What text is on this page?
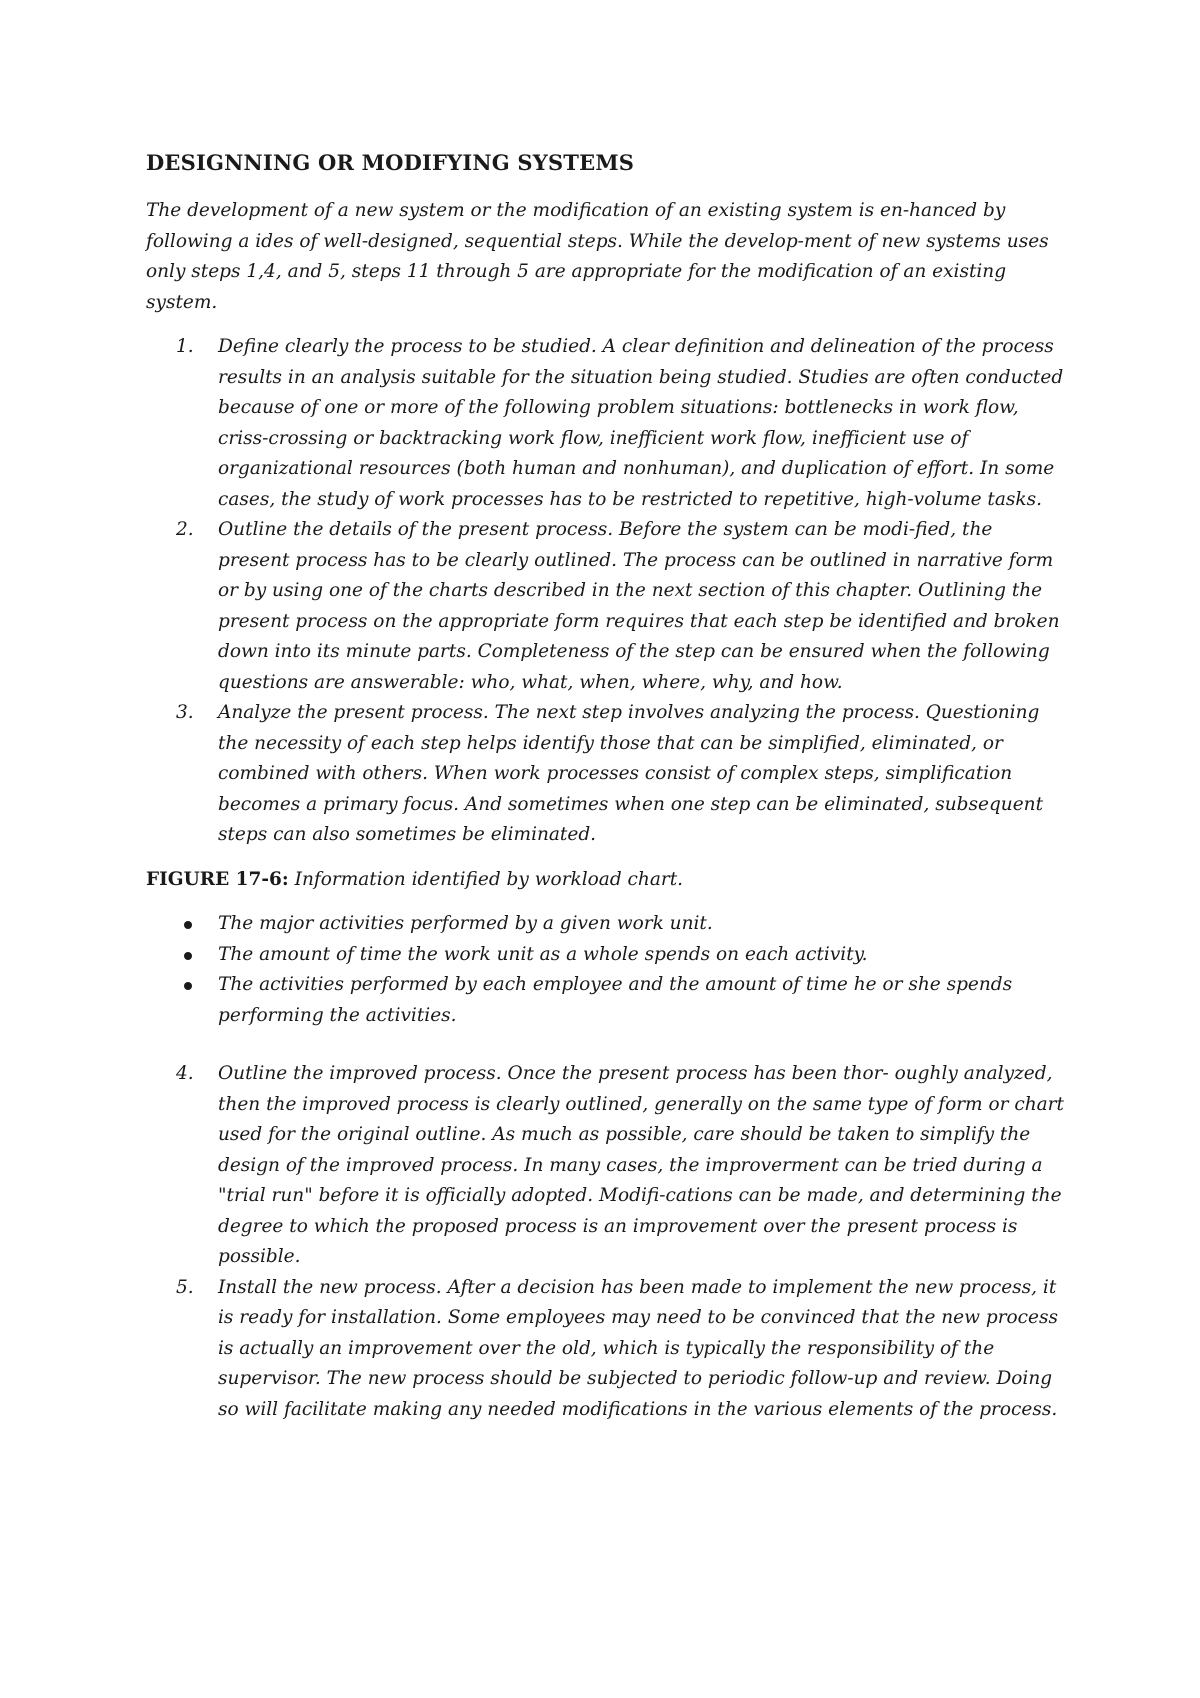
DESIGNNING OR MODIFYING SYSTEMS

The development of a new system or the modification of an existing system is en-hanced by following a ides of well-designed, sequential steps. While the develop-ment of new systems uses only steps 1,4, and 5, steps 11 through 5 are appropriate for the modification of an existing system.

1. Define clearly the process to be studied. A clear definition and delineation of the process results in an analysis suitable for the situation being studied. Studies are often conducted because of one or more of the following problem situations: bottlenecks in work flow, criss-crossing or backtracking work flow, inefficient work flow, inefficient use of organizational resources (both human and nonhuman), and duplication of effort. In some cases, the study of work processes has to be restricted to repetitive, high-volume tasks.
2. Outline the details of the present process. Before the system can be modi-fied, the present process has to be clearly outlined. The process can be outlined in narrative form or by using one of the charts described in the next section of this chapter. Outlining the present process on the appropriate form requires that each step be identified and broken down into its minute parts. Completeness of the step can be ensured when the following questions are answerable: who, what, when, where, why, and how.
3. Analyze the present process. The next step involves analyzing the process. Questioning the necessity of each step helps identify those that can be simplified, eliminated, or combined with others. When work processes consist of complex steps, simplification becomes a primary focus. And sometimes when one step can be eliminated, subsequent steps can also sometimes be eliminated.

FIGURE 17-6: Information identified by workload chart.

The major activities performed by a given work unit.
The amount of time the work unit as a whole spends on each activity.
The activities performed by each employee and the amount of time he or she spends performing the activities.
4. Outline the improved process. Once the present process has been thor- oughly analyzed, then the improved process is clearly outlined, generally on the same type of form or chart used for the original outline. As much as possible, care should be taken to simplify the design of the improved process. In many cases, the improverment can be tried during a "trial run" before it is officially adopted. Modifi-cations can be made, and determining the degree to which the proposed process is an improvement over the present process is possible.
5. Install the new process. After a decision has been made to implement the new process, it is ready for installation. Some employees may need to be convinced that the new process is actually an improvement over the old, which is typically the responsibility of the supervisor. The new process should be subjected to periodic follow-up and review. Doing so will facilitate making any needed modifications in the various elements of the process.
